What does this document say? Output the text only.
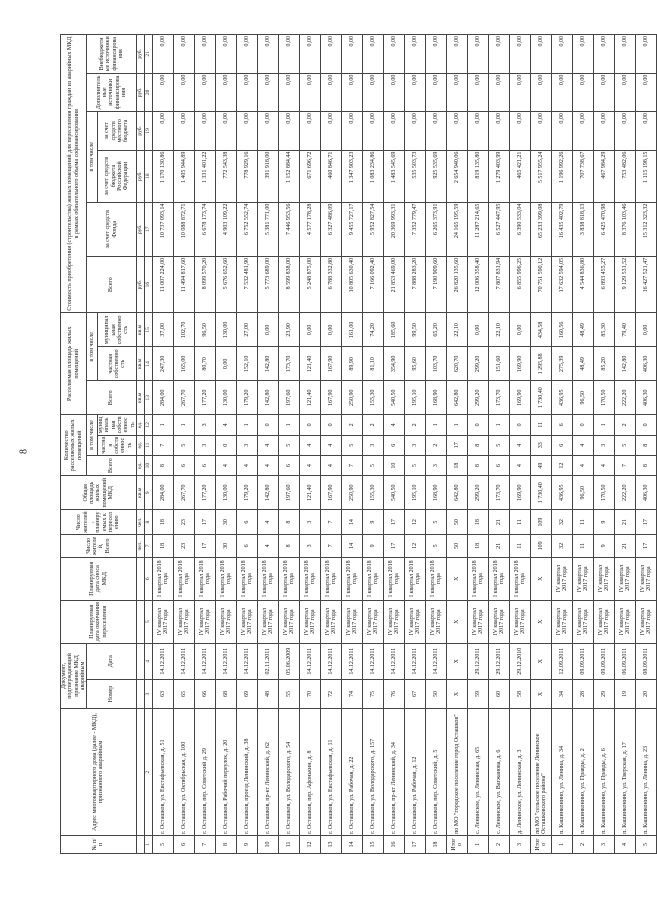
8
№ п/п	Адрес многоквартирного дома (далее - МКД), признанного аварийным	Документ, подтверждающий признание МКД аварийным		Планируемая дата окончания переселения	Планируемая дата сноса МКД	Число жителей, Всего	Число жителей, планируемых к переселению	Общая площадь жилых помещений МКД	Количество расселяемых жилых помещений			Расселяемая площадь жилых помещений			Стоимость приобретения (строительства) жилых помещений для переселения граждан из аварийных МКД в рамках обязательного объема софинансирования					
		Номер	Дата						Всего	в том числе		Всего	в том числе		Всего	за счет средств Фонда	в том числе		Дополнительные источники финансирования	Внебюджетные источники финансирования
										частная собственность	муниципальная собственность		частная собственность	муниципальная собственность			за счет средств бюджета Российской Федерации	за счет средств местного бюджета		
						чел.	чел.	кв.м	ед.	ед.	ед.	кв.м	кв.м	кв.м	руб.	руб.	руб.	руб.	руб.	руб.
1	2	3	4	5	6	7	8	9	10	11	12	13	14	15	16	17	18	19	20	21
5	г. Осташков, ул. Евстафьевская, д. 51	63	14.12.2011	IV квартал 2017 года	I квартал 2018 года	18	18	284,00	8	7	1	284,00	247,30	37,00	11 007 224,00	10 737 093,14	1 170 130,86	0,00	0,00	0,00
6	г. Осташков, ул. Октябрьская, д. 100	65	14.12.2011	IV квартал 2017 года	I квартал 2018 года	23	23	267,70	6	5	1	267,70	165,00	102,70	11 494 817,60	10 088 872,71	1 405 944,89	0,00	0,00	0,00
7	г. Осташков, пер. Советский д. 29	66	14.12.2011	IV квартал 2017 года	I квартал 2018 года	17	17	177,20	6	3	3	177,20	80,70	96,50	8 099 570,20	6 678 173,74	1 331 401,22	0,00	0,00	0,00
8	г. Осташков, Рабочий переулок, д. 20	68	14.12.2011	IV квартал 2017 года	I квартал 2018 года	30	30	130,00	4	0	4	130,00	0,00	130,00	5 676 652,60	4 903 109,22	772 543,38	0,00	0,00	0,00
9	г. Осташков, проезд Ленинский, д. 38	69	14.12.2011	IV квартал 2017 года	I квартал 2018 года	6	6	179,20	4	3	1	179,20	152,10	27,00	7 532 481,90	6 752 552,74	778 929,16	0,00	0,00	0,00
10	г. Осташков, пр-кт Ленинский, д. 62	48	02.11.2011	IV квартал 2017 года	I квартал 2018 года	4	4	142,80	4	4	0	142,80	142,80	0,00	5 773 689,00	5 381 771,00	391 918,00	0,00	0,00	0,00
11	г. Осташков, ул. Володарского, д. 54	55	05.06.2009	IV квартал 2017 года	I квартал 2018 года	8	8	197,60	6	5	1	197,60	173,70	23,90	8 599 838,00	7 446 953,56	1 152 884,44	0,00	0,00	0,00
12	г. Осташков, пер. Афонькин, д. 8	70	14.12.2011	IV квартал 2017 года	I квартал 2018 года	3	3	121,40	4	4	0	121,40	121,40	0,00	5 248 875,00	4 577 178,28	671 696,72	0,00	0,00	0,00
13	г. Осташков, ул. Евстафьевская, д. 11	72	14.12.2011	IV квартал 2017 года	I квартал 2018 года	7	7	167,90	4	4	0	167,90	167,90	0,00	6 788 332,80	6 327 486,09	460 846,71	0,00	0,00	0,00
14	г. Осташков, ул. Рабочая, д. 22	74	14.12.2011	IV квартал 2017 года	I квартал 2018 года	14	14	250,90	7	5	2	250,90	89,90	161,00	10 805 630,40	9 455 727,17	1 347 903,23	0,00	0,00	0,00
15	г. Осташков, ул. Володарского, д. 157	75	14.12.2011	IV квартал 2017 года	I квартал 2018 года	9	9	155,30	5	3	2	155,30	81,10	74,20	7 166 092,40	5 952 827,54	1 083 234,86	0,00	0,00	0,00
16	г. Осташков, пр-кт Ленинский, д. 34	76	14.12.2011	IV квартал 2017 года	I квартал 2018 года	17	17	540,50	10	6	4	540,50	354,90	185,60	21 853 469,00	20 369 993,31	1 483 545,69	0,00	0,00	0,00
17	г. Осташков, ул. Рабочая, д. 12	67	14.12.2011	IV квартал 2017 года	I квартал 2018 года	12	12	195,10	5	3	2	195,10	95,60	99,50	7 888 283,20	7 352 779,47	535 503,73	0,00	0,00	0,00
18	г. Осташков, пер. Советский, д. 5	50	14.12.2011	IV квартал 2017 года	I квартал 2018 года	5	5	168,90	3	2	1	168,90	103,70	65,20	7 190 909,60	6 265 373,91	925 535,69	0,00	0,00	0,00
Итого	по МО "городское поселение город Осташков"	X	X	X	X	50	50	642,80	18	17	1	642,80	620,70	22,10	26 820 135,60	24 165 195,59	2 654 940,06	0,00	0,00	0,00
1	с. Ленинское, ул. Ленинская, д. 65	59	29.12.2011	IV квартал 2017 года	I квартал 2018 года	18	18	299,20	8	8	0	299,20	299,20	0,00	12 006 358,40	11 287 214,65	819 135,80	0,00	0,00	0,00
2	с. Ленинское, ул. Вагжанова, д. 6	60	29.12.2011	IV квартал 2017 года	I квартал 2018 года	21	21	173,70	6	5	1	173,70	151,60	22,10	7 807 831,94	6 527 447,95	1 279 403,99	0,00	0,00	0,00
3	д. Ленинское, ул. Ленинская, д. 3	58	29.12.2010	IV квартал 2017 года	I квартал 2018 года	11	11	169,90	4	4	0	169,90	169,90	0,00	6 855 996,25	6 390 533,04	465 421,21	0,00	0,00	0,00
Итого	по МО "сельское поселение Ленинское Осташковского района"	X	X	X	X	109	109	1 730,40	49	33	11	1 730,40	1 295,88	434,58	70 751 590,12	65 233 399,08	5 517 955,24	0,00	0,00	0,00
1	п. Кашинконино, ул. Ленина, д. 34	34	12.09.2011	IV квартал 2017 года	IV квартал 2017 года	32	32	436,95	12	6	6	436,95	275,39	160,56	17 632 594,05	16 435 402,79	1 196 992,26	0,00	0,00	0,00
2	п. Кашинконино, ул. Правды, д. 2	28	09.09.2011	IV квартал 2017 года	IV квартал 2017 года	11	11	96,50	4	4	0	96,50	48,49	48,49	4 544 836,80	3 838 818,13	707 738,67	0,00	0,00	0,00
3	п. Кашинконино, ул. Правды, д. 6	29	09.09.2011	IV квартал 2017 года	IV квартал 2017 года	9	9	170,50	4	3	1	170,50	85,20	85,30	6 893 455,27	6 425 470,98	467 984,29	0,00	0,00	0,00
4	п. Кашинконино, ул. Тверская, д. 17	19	06.09.2011	IV квартал 2017 года	IV квартал 2017 года	21	21	222,20	7	5	2	222,20	142,80	79,40	9 129 531,52	8 376 103,46	753 482,06	0,00	0,00	0,00
5	п. Кашинконино, ул. Ленина, д. 23	20	08.09.2011	IV квартал 2017 года	IV квартал 2017 года	17	17	406,30	8	8	0	406,30	406,30	0,00	16 427 521,47	15 312 323,32	1 115 198,15	0,00	0,00	0,00
